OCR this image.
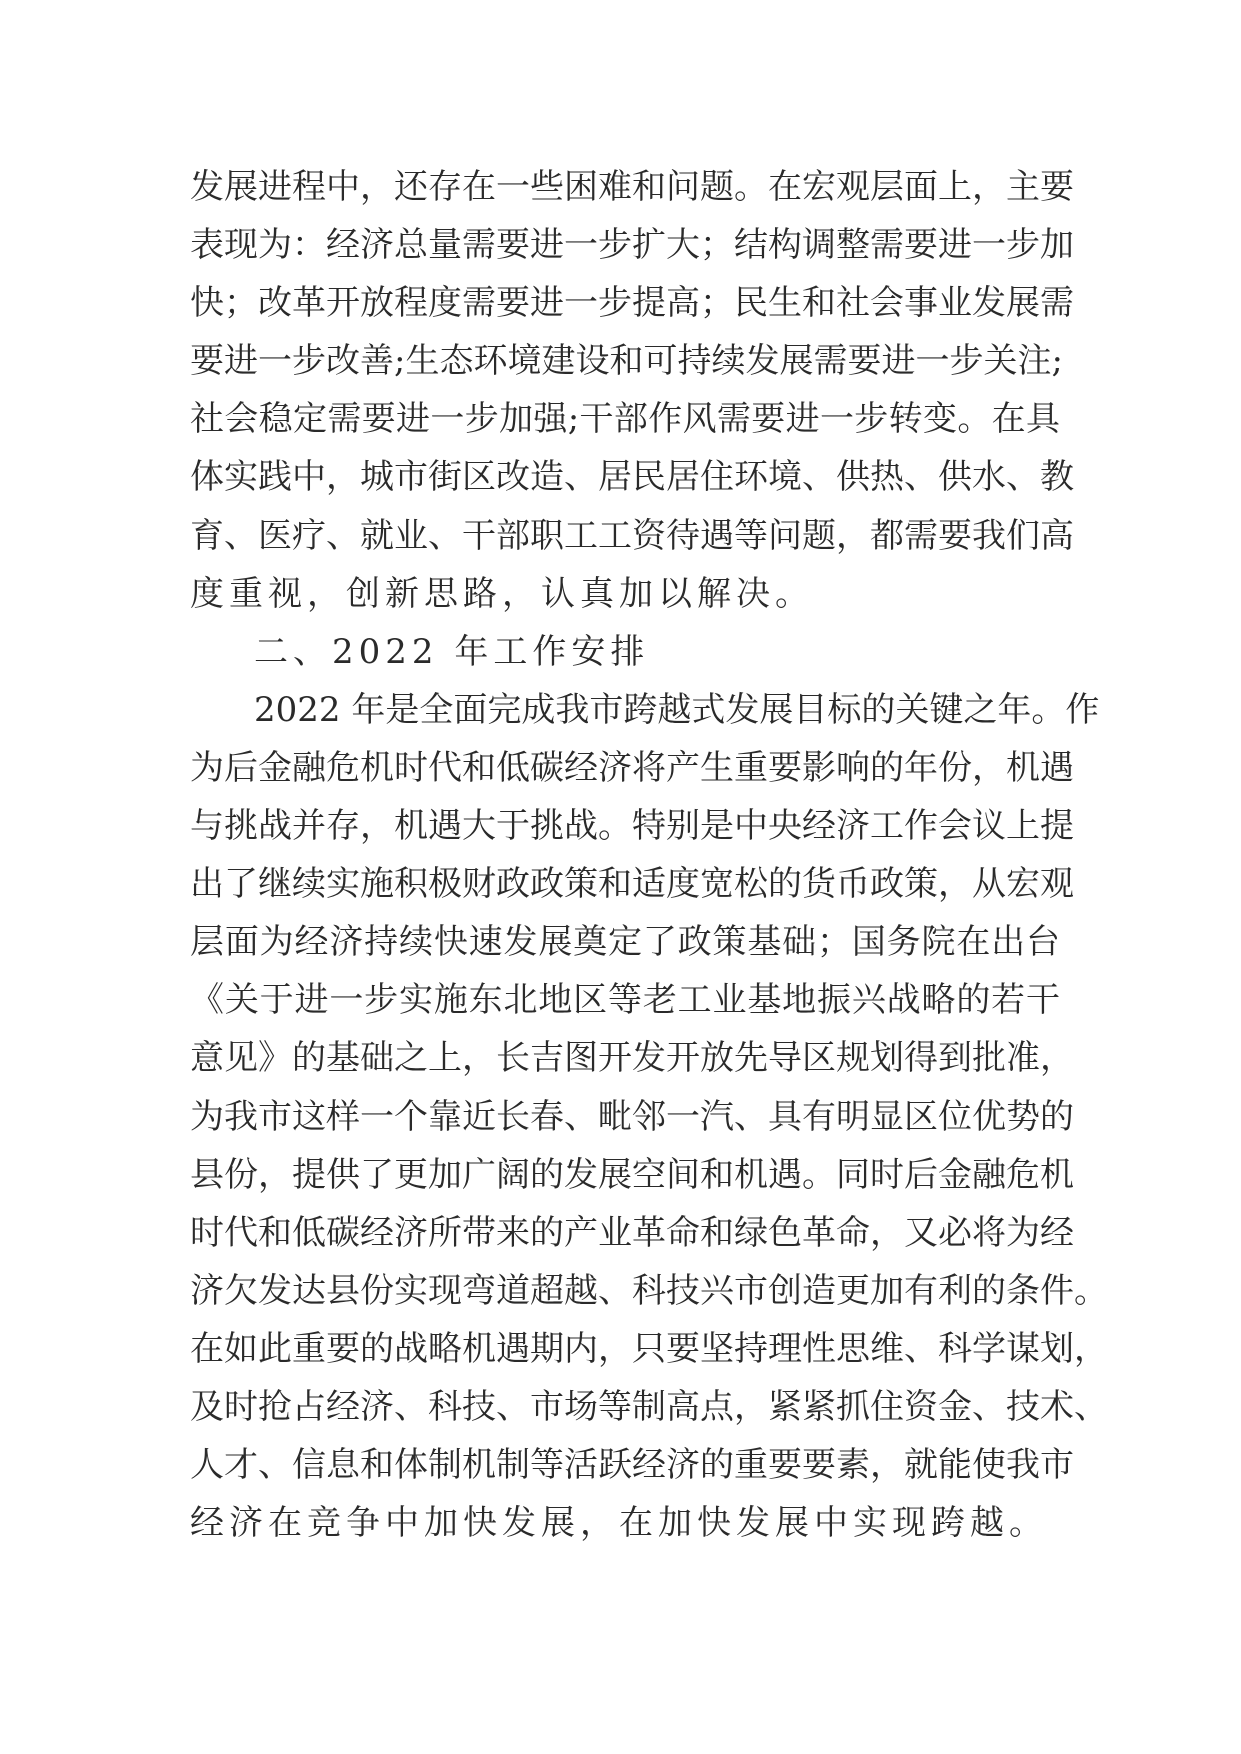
发展进程中，还存在一些困难和问题。在宏观层面上，主要
表现为：经济总量需要进一步扩大；结构调整需要进一步加
快；改革开放程度需要进一步提高；民生和社会事业发展需
要进一步改善;生态环境建设和可持续发展需要进一步关注;
社会稳定需要进一步加强;干部作风需要进一步转变。在具
体实践中，城市街区改造、居民居住环境、供热、供水、教
育、医疗、就业、干部职工工资待遇等问题，都需要我们高
度重视，创新思路，认真加以解决。
二、2022 年工作安排
2022 年是全面完成我市跨越式发展目标的关键之年。作
为后金融危机时代和低碳经济将产生重要影响的年份，机遇
与挑战并存，机遇大于挑战。特别是中央经济工作会议上提
出了继续实施积极财政政策和适度宽松的货币政策，从宏观
层面为经济持续快速发展奠定了政策基础；国务院在出台
《关于进一步实施东北地区等老工业基地振兴战略的若干
意见》的基础之上，长吉图开发开放先导区规划得到批准，
为我市这样一个靠近长春、毗邻一汽、具有明显区位优势的
县份，提供了更加广阔的发展空间和机遇。同时后金融危机
时代和低碳经济所带来的产业革命和绿色革命，又必将为经
济欠发达县份实现弯道超越、科技兴市创造更加有利的条件。
在如此重要的战略机遇期内，只要坚持理性思维、科学谋划，
及时抢占经济、科技、市场等制高点，紧紧抓住资金、技术、
人才、信息和体制机制等活跃经济的重要要素，就能使我市
经济在竞争中加快发展，在加快发展中实现跨越。
